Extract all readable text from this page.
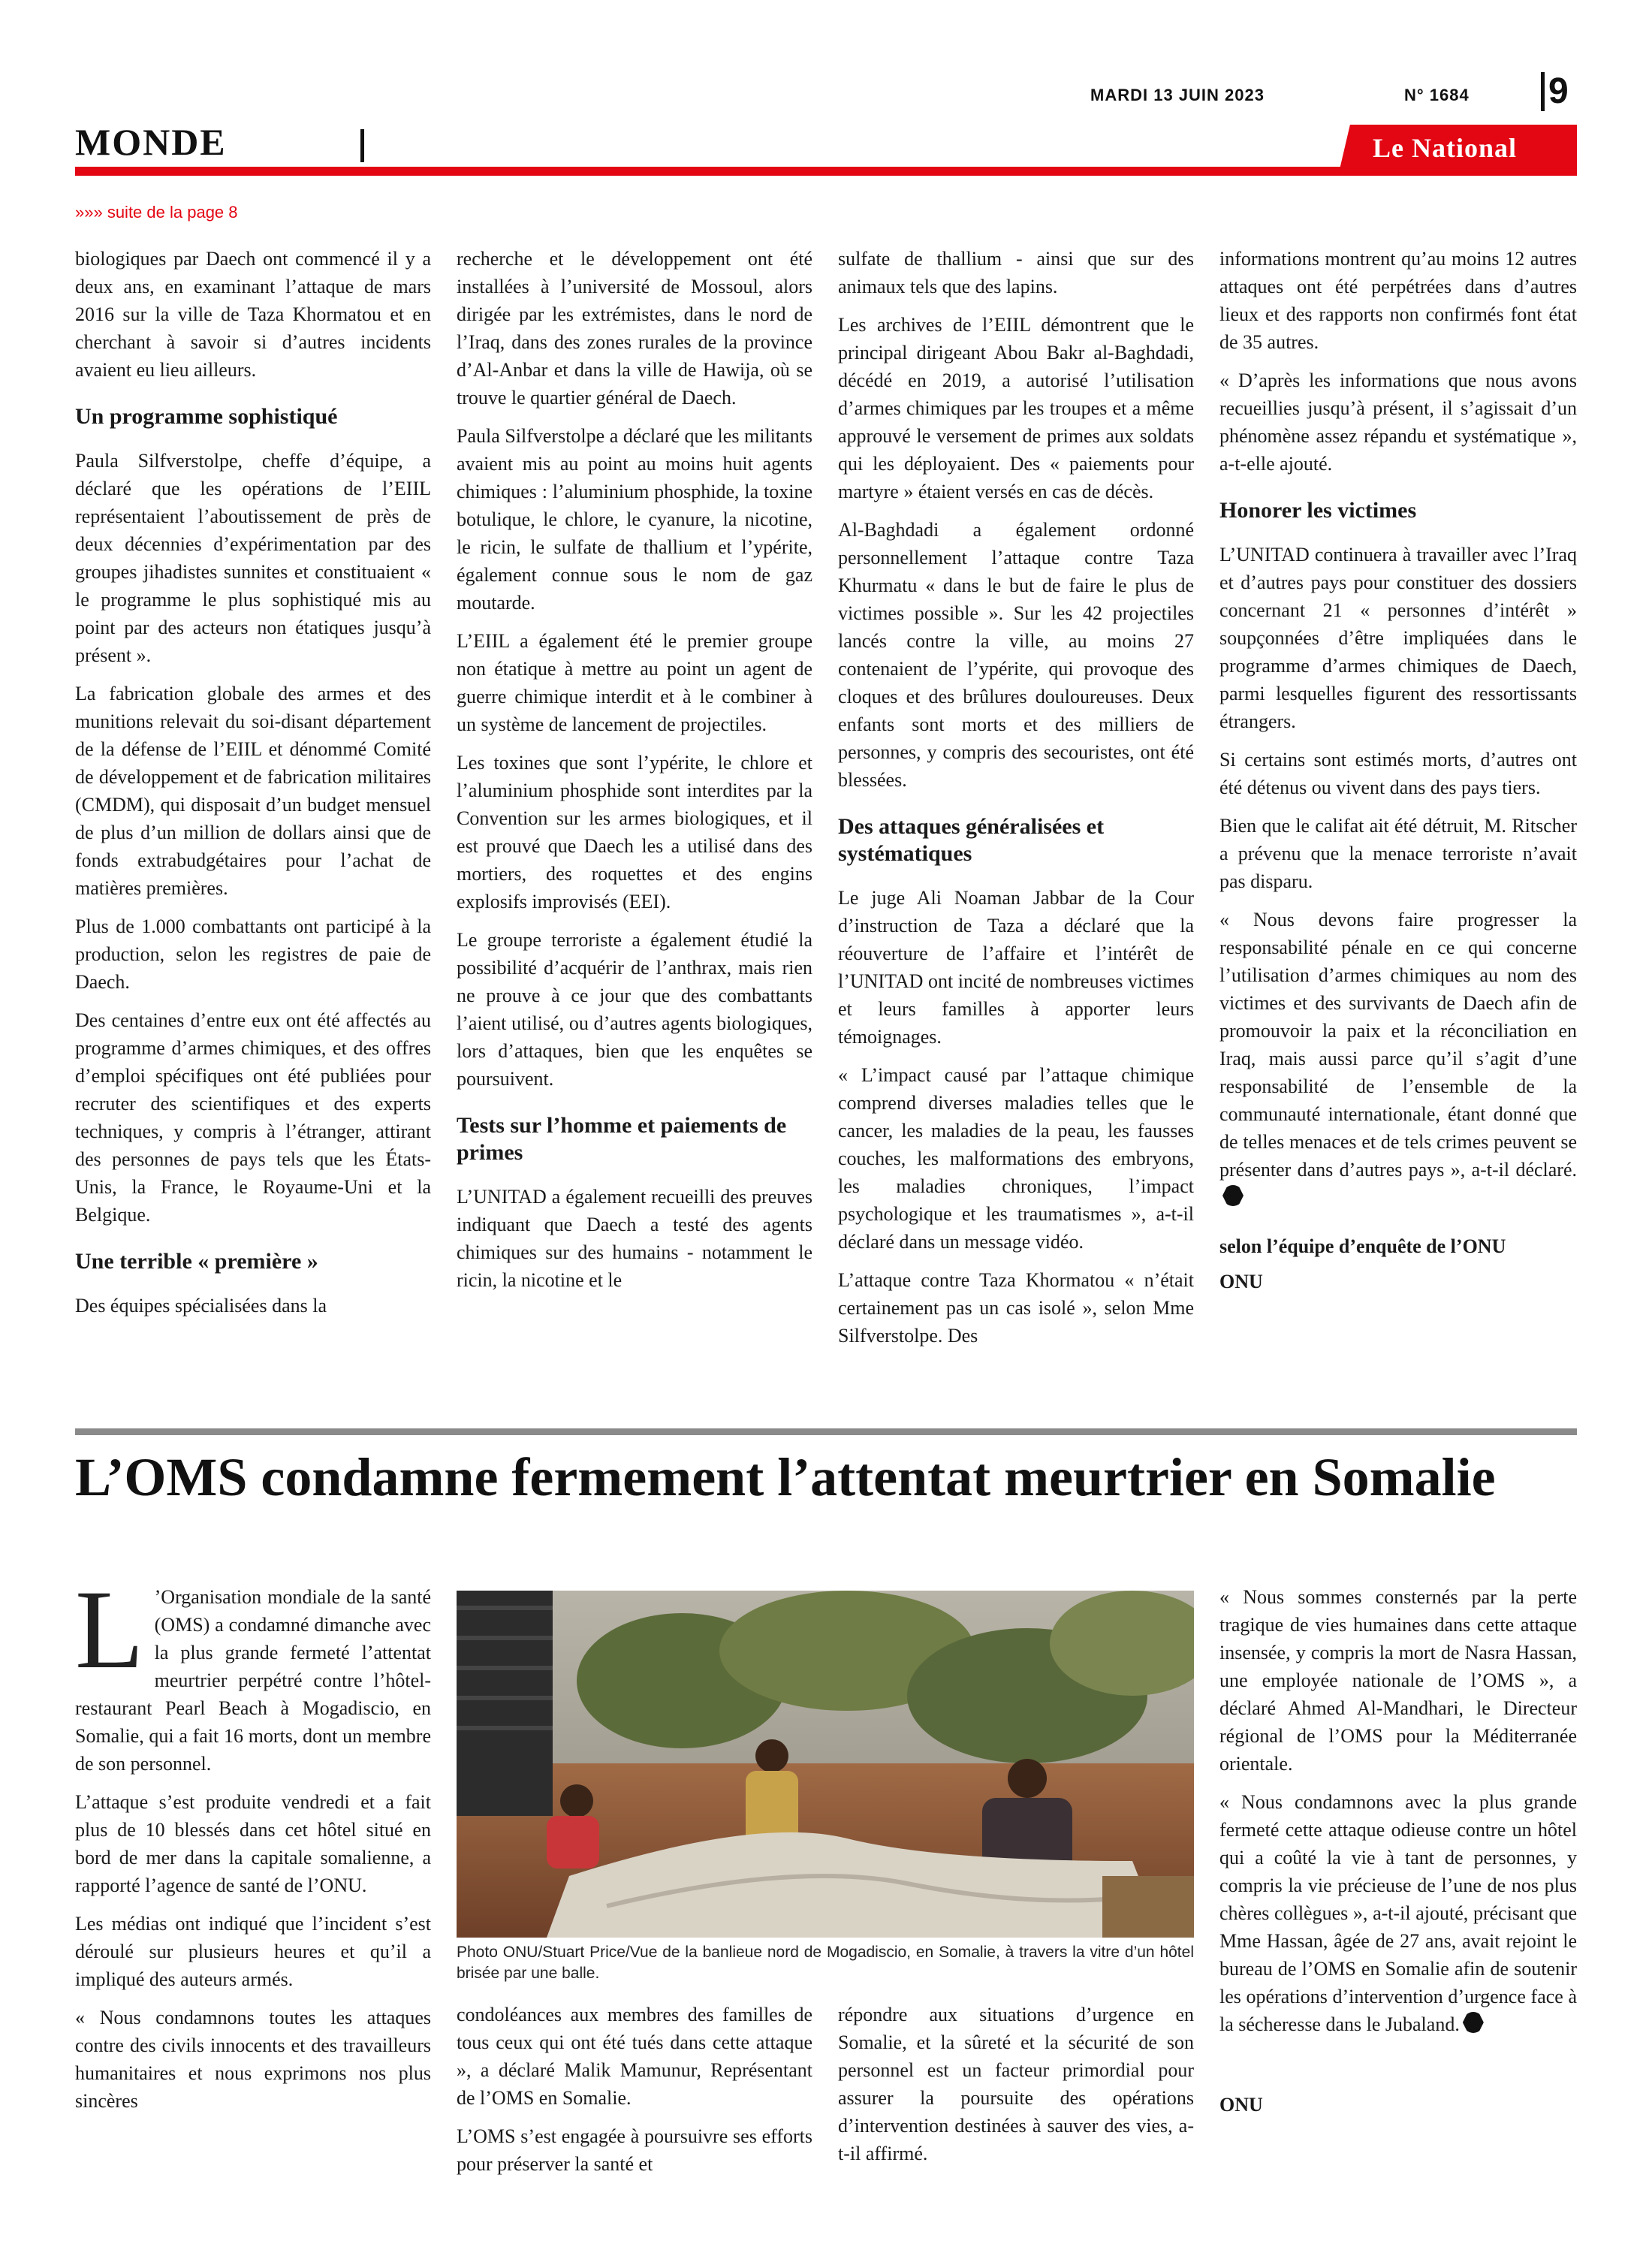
MARDI 13 JUIN 2023	N° 1684 9
MONDE	Le National
»»» suite de la page 8

biologiques par Daech ont commencé il y a deux ans, en examinant l’attaque de mars 2016 sur la ville de Taza Khormatou et en cherchant à savoir si d’autres incidents avaient eu lieu ailleurs.

Un programme sophistiqué

Paula Silfverstolpe, cheffe d’équipe, a déclaré que les opérations de l’EIIL représentaient l’aboutissement de près de deux décennies d’expérimentation par des groupes jihadistes sunnites et constituaient « le programme le plus sophistiqué mis au point par des acteurs non étatiques jusqu’à présent ».

La fabrication globale des armes et des munitions relevait du soi-disant département de la défense de l’EIIL et dénommé Comité de développement et de fabrication militaires (CMDM), qui disposait d’un budget mensuel de plus d’un million de dollars ainsi que de fonds extrabudgétaires pour l’achat de matières premières.

Plus de 1.000 combattants ont participé à la production, selon les registres de paie de Daech.

Des centaines d’entre eux ont été affectés au programme d’armes chimiques, et des offres d’emploi spécifiques ont été publiées pour recruter des scientifiques et des experts techniques, y compris à l’étranger, attirant des personnes de pays tels que les États-Unis, la France, le Royaume-Uni et la Belgique.

Une terrible « première »

Des équipes spécialisées dans la

recherche et le développement ont été installées à l’université de Mossoul, alors dirigée par les extrémistes, dans le nord de l’Iraq, dans des zones rurales de la province d’Al-Anbar et dans la ville de Hawija, où se trouve le quartier général de Daech.

Paula Silfverstolpe a déclaré que les militants avaient mis au point au moins huit agents chimiques : l’aluminium phosphide, la toxine botulique, le chlore, le cyanure, la nicotine, le ricin, le sulfate de thallium et l’ypérite, également connue sous le nom de gaz moutarde.

L’EIIL a également été le premier groupe non étatique à mettre au point un agent de guerre chimique interdit et à le combiner à un système de lancement de projectiles.

Les toxines que sont l’ypérite, le chlore et l’aluminium phosphide sont interdites par la Convention sur les armes biologiques, et il est prouvé que Daech les a utilisé dans des mortiers, des roquettes et des engins explosifs improvisés (EEI).

Le groupe terroriste a également étudié la possibilité d’acquérir de l’anthrax, mais rien ne prouve à ce jour que des combattants l’aient utilisé, ou d’autres agents biologiques, lors d’attaques, bien que les enquêtes se poursuivent.

Tests sur l’homme et paiements de primes

L’UNITAD a également recueilli des preuves indiquant que Daech a testé des agents chimiques sur des humains - notamment le ricin, la nicotine et le

sulfate de thallium - ainsi que sur des animaux tels que des lapins.

Les archives de l’EIIL démontrent que le principal dirigeant Abou Bakr al-Baghdadi, décédé en 2019, a autorisé l’utilisation d’armes chimiques par les troupes et a même approuvé le versement de primes aux soldats qui les déployaient. Des « paiements pour martyre » étaient versés en cas de décès.

Al-Baghdadi a également ordonné personnellement l’attaque contre Taza Khurmatu « dans le but de faire le plus de victimes possible ». Sur les 42 projectiles lancés contre la ville, au moins 27 contenaient de l’ypérite, qui provoque des cloques et des brûlures douloureuses. Deux enfants sont morts et des milliers de personnes, y compris des secouristes, ont été blessées.

Des attaques généralisées et systématiques

Le juge Ali Noaman Jabbar de la Cour d’instruction de Taza a déclaré que la réouverture de l’affaire et l’intérêt de l’UNITAD ont incité de nombreuses victimes et leurs familles à apporter leurs témoignages.

« L’impact causé par l’attaque chimique comprend diverses maladies telles que le cancer, les maladies de la peau, les fausses couches, les malformations des embryons, les maladies chroniques, l’impact psychologique et les traumatismes », a-t-il déclaré dans un message vidéo.

L’attaque contre Taza Khormatou « n’était certainement pas un cas isolé », selon Mme Silfverstolpe. Des

informations montrent qu’au moins 12 autres attaques ont été perpétrées dans d’autres lieux et des rapports non confirmés font état de 35 autres.

« D’après les informations que nous avons recueillies jusqu’à présent, il s’agissait d’un phénomène assez répandu et systématique », a-t-elle ajouté.

Honorer les victimes

L’UNITAD continuera à travailler avec l’Iraq et d’autres pays pour constituer des dossiers concernant 21 « personnes d’intérêt » soupçonnées d’être impliquées dans le programme d’armes chimiques de Daech, parmi lesquelles figurent des ressortissants étrangers.

Si certains sont estimés morts, d’autres ont été détenus ou vivent dans des pays tiers.

Bien que le califat ait été détruit, M. Ritscher a prévenu que la menace terroriste n’avait pas disparu.

« Nous devons faire progresser la responsabilité pénale en ce qui concerne l’utilisation d’armes chimiques au nom des victimes et des survivants de Daech afin de promouvoir la paix et la réconciliation en Iraq, mais aussi parce qu’il s’agit d’une responsabilité de l’ensemble de la communauté internationale, étant donné que de telles menaces et de tels crimes peuvent se présenter dans d’autres pays », a-t-il déclaré.

selon l’équipe d’enquête de l’ONU
ONU
L’OMS condamne fermement l’attentat meurtrier en Somalie

L ’Organisation mondiale de la santé (OMS) a condamné dimanche avec la plus grande fermeté l’attentat meurtrier perpétré contre l’hôtel-restaurant Pearl Beach à Mogadiscio, en Somalie, qui a fait 16 morts, dont un membre de son personnel.

L’attaque s’est produite vendredi et a fait plus de 10 blessés dans cet hôtel situé en bord de mer dans la capitale somalienne, a rapporté l’agence de santé de l’ONU.

Les médias ont indiqué que l’incident s’est déroulé sur plusieurs heures et qu’il a impliqué des auteurs armés.

« Nous condamnons toutes les attaques contre des civils innocents et des travailleurs humanitaires et nous exprimons nos plus sincères

Photo ONU/Stuart Price/Vue de la banlieue nord de Mogadiscio, en Somalie, à travers la vitre d’un hôtel brisée par une balle.

condoléances aux membres des familles de tous ceux qui ont été tués dans cette attaque », a déclaré Malik Mamunur, Représentant de l’OMS en Somalie.

L’OMS s’est engagée à poursuivre ses efforts pour préserver la santé et

répondre aux situations d’urgence en Somalie, et la sûreté et la sécurité de son personnel est un facteur primordial pour assurer la poursuite des opérations d’intervention destinées à sauver des vies, a-t-il affirmé.

« Nous sommes consternés par la perte tragique de vies humaines dans cette attaque insensée, y compris la mort de Nasra Hassan, une employée nationale de l’OMS », a déclaré Ahmed Al-Mandhari, le Directeur régional de l’OMS pour la Méditerranée orientale.

« Nous condamnons avec la plus grande fermeté cette attaque odieuse contre un hôtel qui a coûté la vie à tant de personnes, y compris la vie précieuse de l’une de nos plus chères collègues », a-t-il ajouté, précisant que Mme Hassan, âgée de 27 ans, avait rejoint le bureau de l’OMS en Somalie afin de soutenir les opérations d’intervention d’urgence face à la sécheresse dans le Jubaland.

ONU
